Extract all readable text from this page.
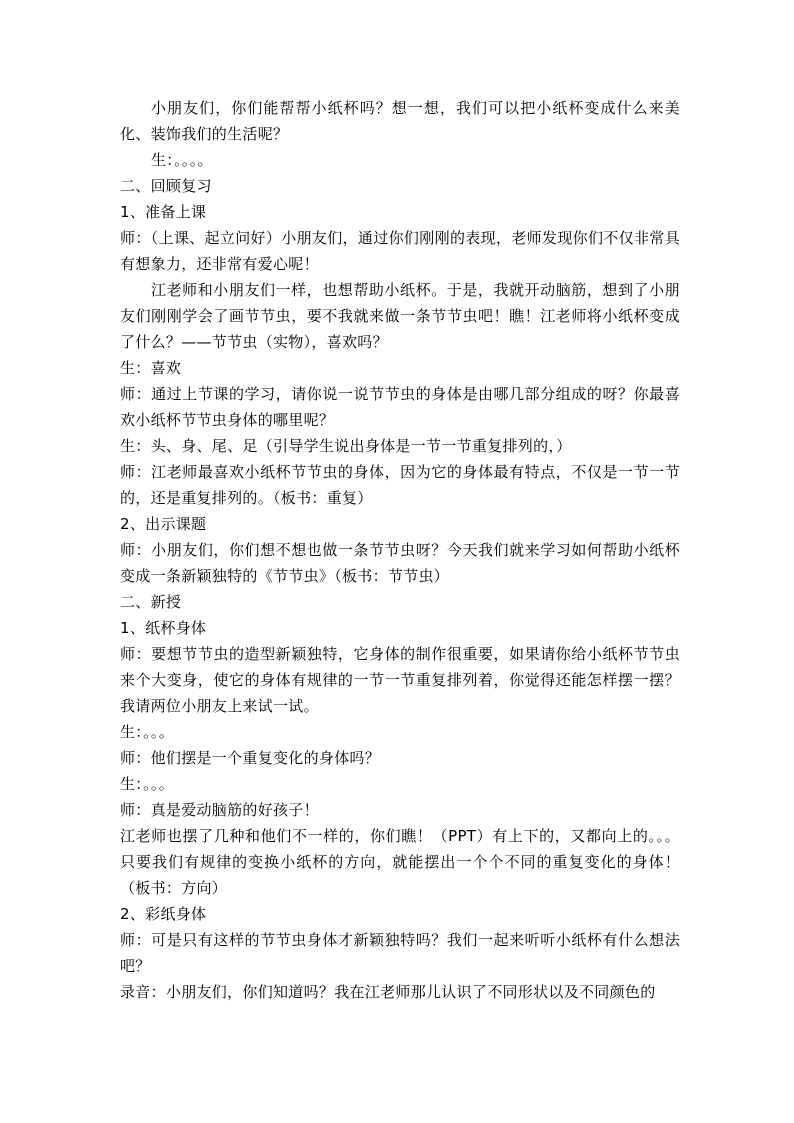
小朋友们，你们能帮帮小纸杯吗？想一想，我们可以把小纸杯变成什么来美化、装饰我们的生活呢？

生：。。。。

二、回顾复习

1、准备上课

师：（上课、起立问好）小朋友们，通过你们刚刚的表现，老师发现你们不仅非常具有想象力，还非常有爱心呢！

江老师和小朋友们一样，也想帮助小纸杯。于是，我就开动脑筋，想到了小朋友们刚刚学会了画节节虫，要不我就来做一条节节虫吧！瞧！江老师将小纸杯变成了什么？——节节虫（实物），喜欢吗？

生：喜欢

师：通过上节课的学习，请你说一说节节虫的身体是由哪几部分组成的呀？你最喜欢小纸杯节节虫身体的哪里呢？

生：头、身、尾、足（引导学生说出身体是一节一节重复排列的，）

师：江老师最喜欢小纸杯节节虫的身体，因为它的身体最有特点，不仅是一节一节的，还是重复排列的。（板书：重复）

2、出示课题

师：小朋友们，你们想不想也做一条节节虫呀？今天我们就来学习如何帮助小纸杯变成一条新颖独特的《节节虫》（板书：节节虫）

二、新授

1、纸杯身体

师：要想节节虫的造型新颖独特，它身体的制作很重要，如果请你给小纸杯节节虫来个大变身，使它的身体有规律的一节一节重复排列着，你觉得还能怎样摆一摆？我请两位小朋友上来试一试。

生：。。。

师：他们摆是一个重复变化的身体吗？

生：。。。

师：真是爱动脑筋的好孩子！

江老师也摆了几种和他们不一样的，你们瞧！（PPT）有上下的，又都向上的。。。只要我们有规律的变换小纸杯的方向，就能摆出一个个不同的重复变化的身体！（板书：方向）

2、彩纸身体

师：可是只有这样的节节虫身体才新颖独特吗？我们一起来听听小纸杯有什么想法吧？

录音：小朋友们，你们知道吗？我在江老师那儿认识了不同形状以及不同颜色的
